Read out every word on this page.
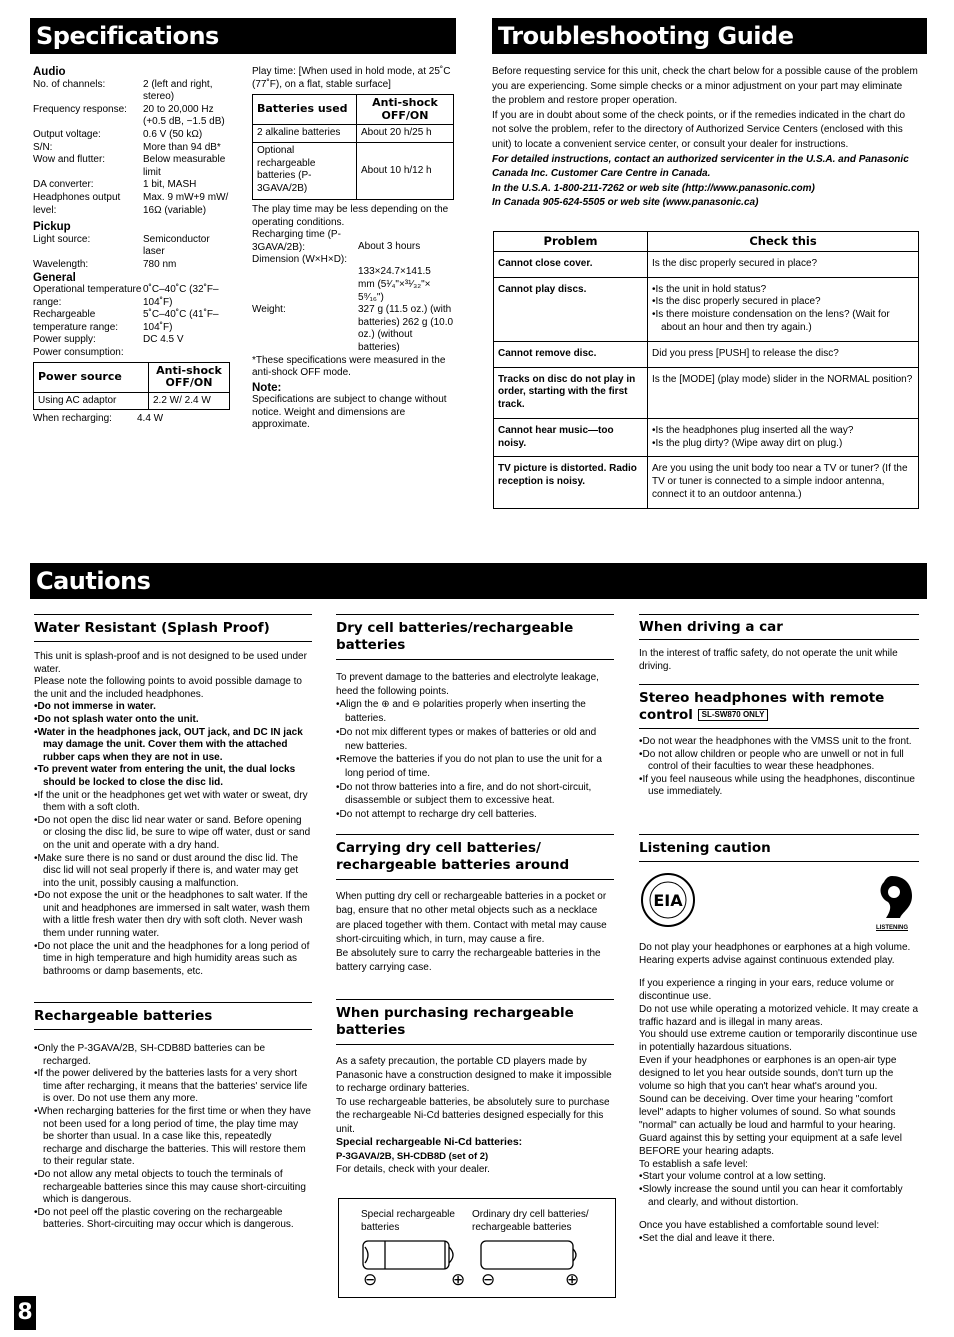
Specifications
Audio
No. of channels:	2 (left and right, stereo)
Frequency response:	20 to 20,000 Hz (+0.5 dB, −1.5 dB)
Output voltage:	0.6 V (50 kΩ)
S/N:	More than 94 dB*
Wow and flutter:	Below measurable limit
DA converter:	1 bit, MASH
Headphones output level:
Max. 9 mW+9 mW/ 16Ω (variable)
Pickup
Light source:	Semiconductor laser
Wavelength:	780 nm
General
Operational temperature range:
0˚C–40˚C (32˚F–104˚F)
Rechargeable temperature range:
5˚C–40˚C (41˚F–104˚F)
Power supply:	DC 4.5 V
Power consumption:
Power source	Anti-shock OFF/ON
Using AC adaptor	2.2 W/ 2.4 W
When recharging:	4.4 W
Play time: [When used in hold mode, at 25˚C (77˚F), on a flat, stable surface]
Batteries used	Anti-shock OFF/ON
2 alkaline batteries	About 20 h/25 h
Optional rechargeable batteries (P-3GAVA/2B)	About 10 h/12 h
The play time may be less depending on the operating conditions.
Recharging time (P-3GAVA/2B):	About 3 hours
Dimension (W×H×D):
133×24.7×141.5 mm (5¹⁄₄"×³¹⁄₃₂"× 5⁹⁄₁₆")
Weight:	327 g (11.5 oz.) (with batteries) 262 g (10.0 oz.) (without batteries)
*These specifications were measured in the anti-shock OFF mode.
Note:
Specifications are subject to change without notice. Weight and dimensions are approximate.
Troubleshooting Guide
Before requesting service for this unit, check the chart below for a possible cause of the problem you are experiencing. Some simple checks or a minor adjustment on your part may eliminate the problem and restore proper operation.
If you are in doubt about some of the check points, or if the remedies indicated in the chart do not solve the problem, refer to the directory of Authorized Service Centers (enclosed with this unit) to locate a convenient service center, or consult your dealer for instructions.
For detailed instructions, contact an authorized servicenter in the U.S.A. and Panasonic Canada Inc. Customer Care Centre in Canada.
In the U.S.A. 1-800-211-7262 or web site (http://www.panasonic.com)
In Canada 905-624-5505 or web site (www.panasonic.ca)
Problem	Check this
Cannot close cover.	Is the disc properly secured in place?

Cannot play discs.	•Is the unit in hold status?
•Is the disc properly secured in place?
•Is there moisture condensation on the lens? (Wait for about an hour and then try again.)

Cannot remove disc.	Did you press [PUSH] to release the disc?

Tracks on disc do not play in order, starting with the first track.	Is the [MODE] (play mode) slider in the NORMAL position?

Cannot hear music—too noisy.	•Is the headphones plug inserted all the way?
•Is the plug dirty? (Wipe away dirt on plug.)

TV picture is distorted. Radio reception is noisy.	Are you using the unit body too near a TV or tuner? (If the TV or tuner is connected to a simple indoor antenna, connect it to an outdoor antenna.)
Cautions
Water Resistant (Splash Proof)

This unit is splash-proof and is not designed to be used under water.

Please note the following points to avoid possible damage to the unit and the included headphones.

•Do not immerse in water.
•Do not splash water onto the unit.
•Water in the headphones jack, OUT jack, and DC IN jack may damage the unit. Cover them with the attached rubber caps when they are not in use.
•To prevent water from entering the unit, the dual locks should be locked to close the disc lid.
•If the unit or the headphones get wet with water or sweat, dry them with a soft cloth.
•Do not open the disc lid near water or sand. Before opening or closing the disc lid, be sure to wipe off water, dust or sand on the unit and operate with a dry hand.
•Make sure there is no sand or dust around the disc lid. The disc lid will not seal properly if there is, and water may get into the unit, possibly causing a malfunction.
•Do not expose the unit or the headphones to salt water. If the unit and headphones are immersed in salt water, wash them with a little fresh water then dry with soft cloth. Never wash them under running water.
•Do not place the unit and the headphones for a long period of time in high temperature and high humidity areas such as bathrooms or damp basements, etc.
Rechargeable batteries
•Only the P-3GAVA/2B, SH-CDB8D batteries can be recharged.
•If the power delivered by the batteries lasts for a very short time after recharging, it means that the batteries' service life is over. Do not use them any more.
•When recharging batteries for the first time or when they have not been used for a long period of time, the play time may be shorter than usual. In a case like this, repeatedly recharge and discharge the batteries. This will restore them to their regular state.
•Do not allow any metal objects to touch the terminals of rechargeable batteries since this may cause short-circuiting which is dangerous.
•Do not peel off the plastic covering on the rechargeable batteries. Short-circuiting may occur which is dangerous.
Dry cell batteries/rechargeable batteries

To prevent damage to the batteries and electrolyte leakage, heed the following points.

•Align the ⊕ and ⊖ polarities properly when inserting the batteries.
•Do not mix different types or makes of batteries or old and new batteries.
•Remove the batteries if you do not plan to use the unit for a long period of time.
•Do not throw batteries into a fire, and do not short-circuit, disassemble or subject them to excessive heat.
•Do not attempt to recharge dry cell batteries.
Carrying dry cell batteries/ rechargeable batteries around

When putting dry cell or rechargeable batteries in a pocket or bag, ensure that no other metal objects such as a necklace are placed together with them. Contact with metal may cause short-circuiting which, in turn, may cause a fire.

Be absolutely sure to carry the rechargeable batteries in the battery carrying case.

When purchasing rechargeable batteries

As a safety precaution, the portable CD players made by Panasonic have a construction designed to make it impossible to recharge ordinary batteries.

To use rechargeable batteries, be absolutely sure to purchase the rechargeable Ni-Cd batteries designed especially for this unit.

Special rechargeable Ni-Cd batteries:

P-3GAVA/2B, SH-CDB8D (set of 2)

For details, check with your dealer.

Special rechargeable batteries
Ordinary dry cell batteries/ rechargeable batteries
⊖	⊕ ⊖	⊕
When driving a car

In the interest of traffic safety, do not operate the unit while driving.

Stereo headphones with remote control SL-SW870 ONLY
•Do not wear the headphones with the VMSS unit to the front.
•Do not allow children or people who are unwell or not in full control of their faculties to wear these headphones.
•If you feel nauseous while using the headphones, discontinue use immediately.
Listening caution
EIA
LISTENING

Do not play your headphones or earphones at a high volume. Hearing experts advise against continuous extended play.

If you experience a ringing in your ears, reduce volume or discontinue use.

Do not use while operating a motorized vehicle. It may create a traffic hazard and is illegal in many areas.

You should use extreme caution or temporarily discontinue use in potentially hazardous situations.

Even if your headphones or earphones is an open-air type designed to let you hear outside sounds, don't turn up the volume so high that you can't hear what's around you.

Sound can be deceiving. Over time your hearing "comfort level" adapts to higher volumes of sound. So what sounds "normal" can actually be loud and harmful to your hearing.

Guard against this by setting your equipment at a safe level BEFORE your hearing adapts.

To establish a safe level:

•Start your volume control at a low setting.
•Slowly increase the sound until you can hear it comfortably and clearly, and without distortion.

Once you have established a comfortable sound level:

•Set the dial and leave it there.
8
